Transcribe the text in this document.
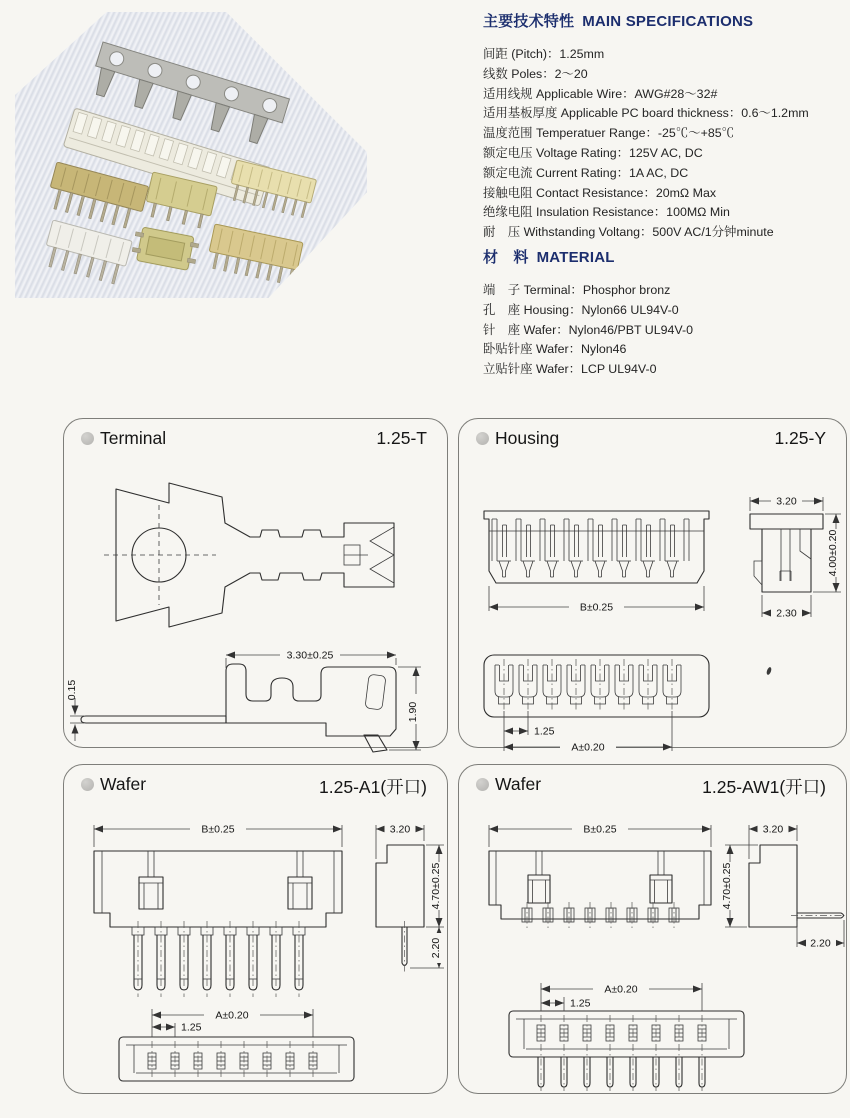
主要技术特性 MAIN SPECIFICATIONS
间距 (Pitch)：1.25mm
线数 Poles：2～20
适用线规 Applicable Wire：AWG#28～32#
适用基板厚度 Applicable PC board thickness：0.6～1.2mm
温度范围 Temperatuer Range：-25℃～+85℃
额定电压 Voltage Rating：125V AC, DC
额定电流 Current Rating：1A AC, DC
接触电阻 Contact Resistance：20mΩ Max
绝缘电阻 Insulation Resistance：100MΩ Min
耐　压 Withstanding Voltang：500V AC/1分钟minute
材　料 MATERIAL
端　子 Terminal：Phosphor bronz
孔　座 Housing：Nylon66 UL94V-0
针　座 Wafer：Nylon46/PBT UL94V-0
卧贴针座 Wafer：Nylon46
立贴针座 Wafer：LCP UL94V-0
Terminal	1.25-T
3.30±0.25
1.90
0.15
Housing	1.25-Y
B±0.25
3.20
4.00±0.20
2.30
1.25
A±0.20
Wafer	1.25-A1(开口)
B±0.25	3.20
4.70±0.25
2.20
A±0.20
1.25
Wafer	1.25-AW1(开口)
B±0.25	3.20
4.70±0.25
2.20
A±0.20
1.25
